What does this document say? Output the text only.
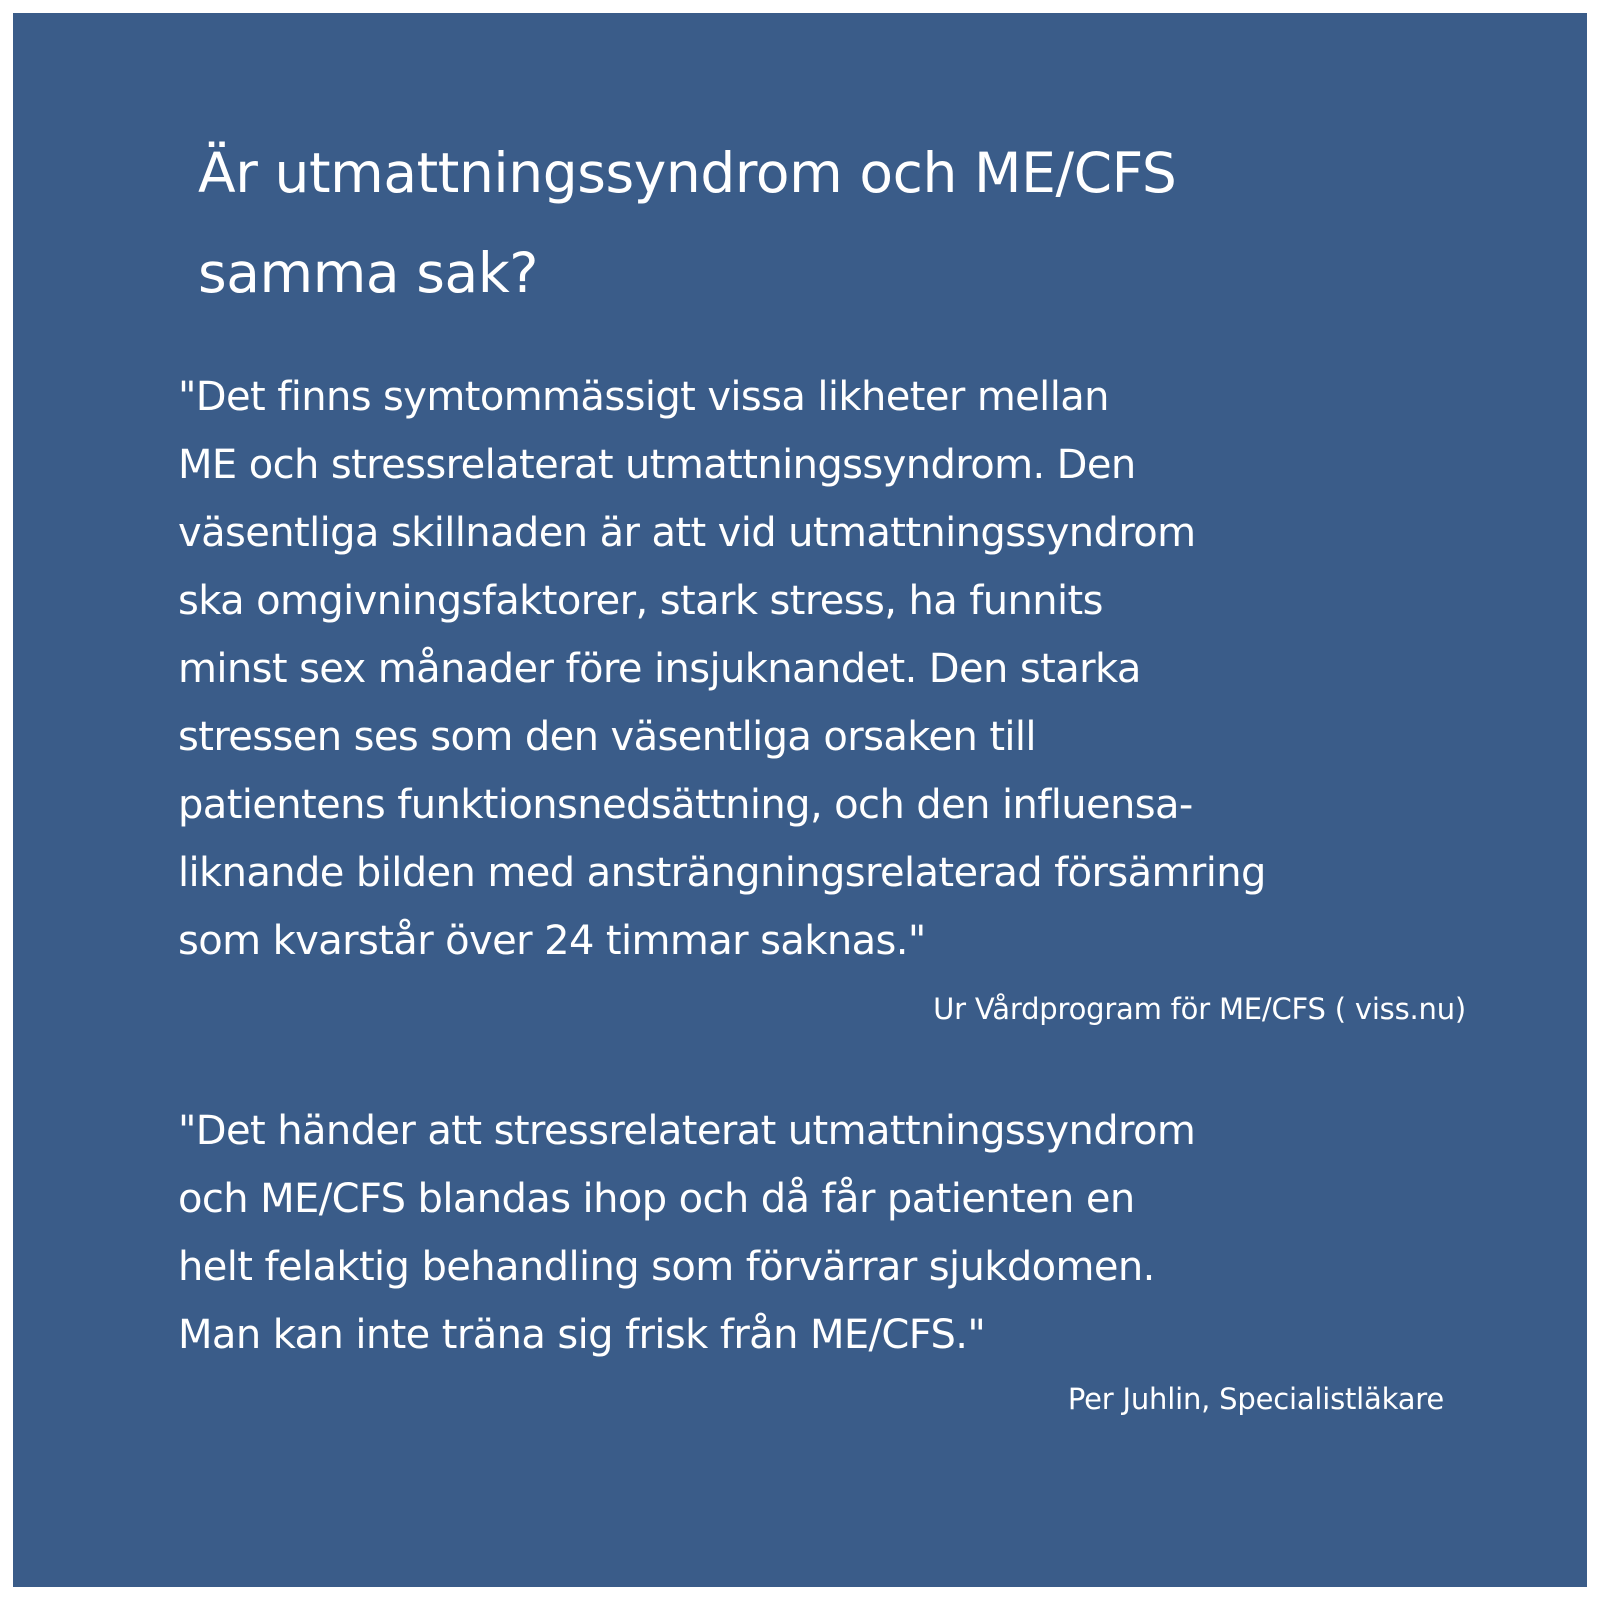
Är utmattningssyndrom och ME/CFS
samma sak?
"Det finns symtommässigt vissa likheter mellan
ME och stressrelaterat utmattningssyndrom. Den
väsentliga skillnaden är att vid utmattningssyndrom
ska omgivningsfaktorer, stark stress, ha funnits
minst sex månader före insjuknandet. Den starka
stressen ses som den väsentliga orsaken till
patientens funktionsnedsättning, och den influensa-
liknande bilden med ansträngningsrelaterad försämring
som kvarstår över 24 timmar saknas."

Ur Vårdprogram för ME/CFS ( viss.nu)

"Det händer att stressrelaterat utmattningssyndrom
och ME/CFS blandas ihop och då får patienten en
helt felaktig behandling som förvärrar sjukdomen.
Man kan inte träna sig frisk från ME/CFS."

Per Juhlin, Specialistläkare
